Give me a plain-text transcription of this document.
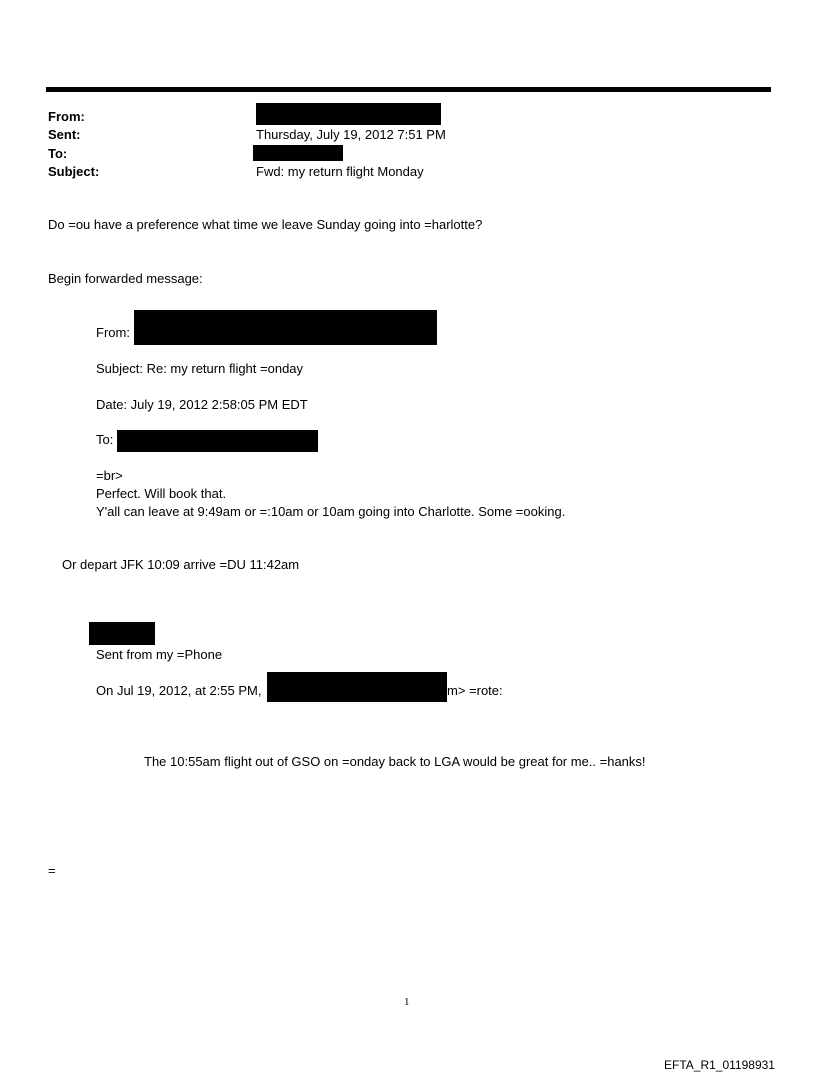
From:
Sent:	Thursday, July 19, 2012 7:51 PM
To:
Subject:	Fwd: my return flight Monday
Do =ou have a preference what time we leave Sunday going into =harlotte?
Begin forwarded message:
From:
Subject: Re: my return flight =onday
Date: July 19, 2012 2:58:05 PM EDT
To:
=br>
Perfect. Will book that.
Y'all can leave at 9:49am or =:10am or 10am going into Charlotte. Some =ooking.
Or depart JFK 10:09 arrive =DU 11:42am
Sent from my =Phone
On Jul 19, 2012, at 2:55 PM,	m> =rote:
The 10:55am flight out of GSO on =onday back to LGA would be great for me.. =hanks!
=
1
EFTA_R1_01198931
